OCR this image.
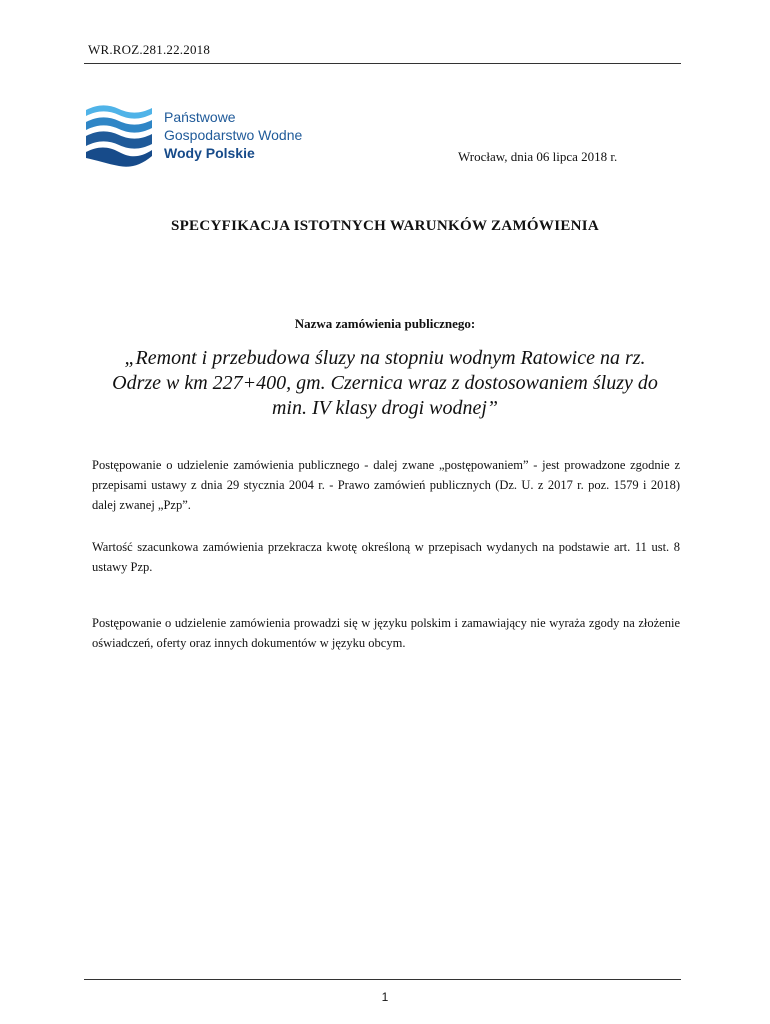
WR.ROZ.281.22.2018
Państwowe
Gospodarstwo Wodne
Wody Polskie	Wrocław, dnia 06 lipca 2018 r.
SPECYFIKACJA ISTOTNYCH WARUNKÓW ZAMÓWIENIA
Nazwa zamówienia publicznego:
„Remont i przebudowa śluzy na stopniu wodnym Ratowice na rz. Odrze w km 227+400, gm. Czernica wraz z dostosowaniem śluzy do min. IV klasy drogi wodnej”
Postępowanie o udzielenie zamówienia publicznego - dalej zwane „postępowaniem” - jest prowadzone zgodnie z przepisami ustawy z dnia 29 stycznia 2004 r. - Prawo zamówień publicznych (Dz. U. z 2017 r. poz. 1579 i 2018) dalej zwanej „Pzp”.
Wartość szacunkowa zamówienia przekracza kwotę określoną w przepisach wydanych na podstawie art. 11 ust. 8 ustawy Pzp.
Postępowanie o udzielenie zamówienia prowadzi się w języku polskim i zamawiający nie wyraża zgody na złożenie oświadczeń, oferty oraz innych dokumentów w języku obcym.
1
